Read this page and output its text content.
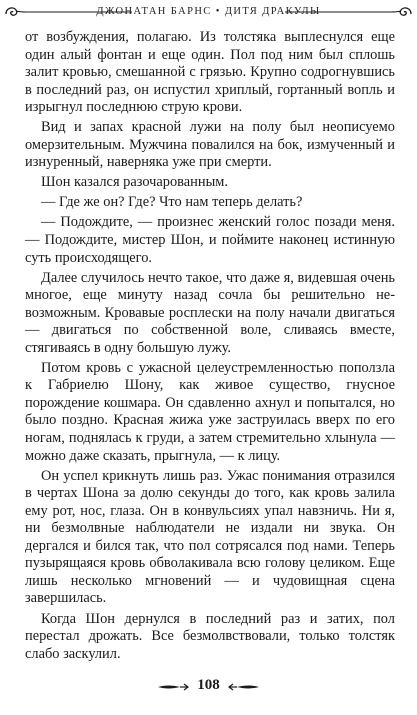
ДЖОНАТАН БАРНС • ДИТЯ ДРАКУЛЫ

от возбуждения, полагаю. Из толстяка выплеснулся еще один алый фонтан и еще один. Пол под ним был сплошь залит кровью, смешанной с грязью. Крупно содрогнувшись в последний раз, он испустил хриплый, гортанный вопль и изрыгнул последнюю струю крови.

Вид и запах красной лужи на полу был неописуемо омерзительным. Мужчина повалился на бок, измученный и изнуренный, наверняка уже при смерти.

Шон казался разочарованным.

— Где же он? Где? Что нам теперь делать?

— Подождите, — произнес женский голос позади меня. — Подождите, мистер Шон, и поймите наконец истинную суть происходящего.

Далее случилось нечто такое, что даже я, видевшая очень многое, еще минуту назад сочла бы решительно невозможным. Кровавые росплески на полу начали двигаться — двигаться по собственной воле, сливаясь вместе, стягиваясь в одну большую лужу.

Потом кровь с ужасной целеустремленностью поползла к Габриелю Шону, как живое существо, гнусное порождение кошмара. Он сдавленно ахнул и попытался, но было поздно. Красная жижа уже заструилась вверх по его ногам, поднялась к груди, а затем стремительно хлынула — можно даже сказать, прыгнула, — к лицу.

Он успел крикнуть лишь раз. Ужас понимания отразился в чертах Шона за долю секунды до того, как кровь залила ему рот, нос, глаза. Он в конвульсиях упал навзничь. Ни я, ни безмолвные наблюдатели не издали ни звука. Он дергался и бился так, что пол сотрясался под нами. Теперь пузырящаяся кровь обволакивала всю голову целиком. Еще лишь несколько мгновений — и чудовищная сцена завершилась.

Когда Шон дернулся в последний раз и затих, пол перестал дрожать. Все безмолвствовали, только толстяк слабо заскулил.

108
